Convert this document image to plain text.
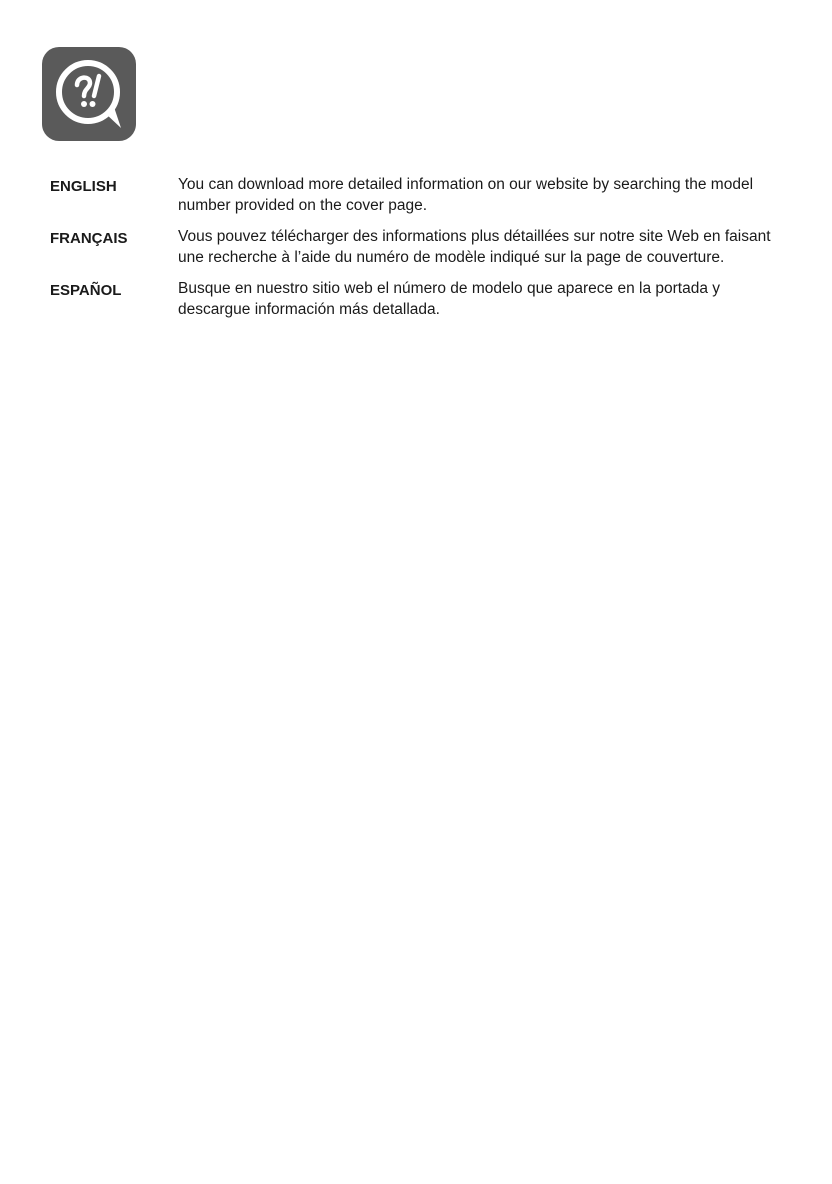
ENGLISH	You can download more detailed information on our website by searching the model number provided on the cover page.
FRANÇAIS	Vous pouvez télécharger des informations plus détaillées sur notre site Web en faisant une recherche à l’aide du numéro de modèle indiqué sur la page de couverture.
ESPAÑOL	Busque en nuestro sitio web el número de modelo que aparece en la portada y descargue información más detallada.
